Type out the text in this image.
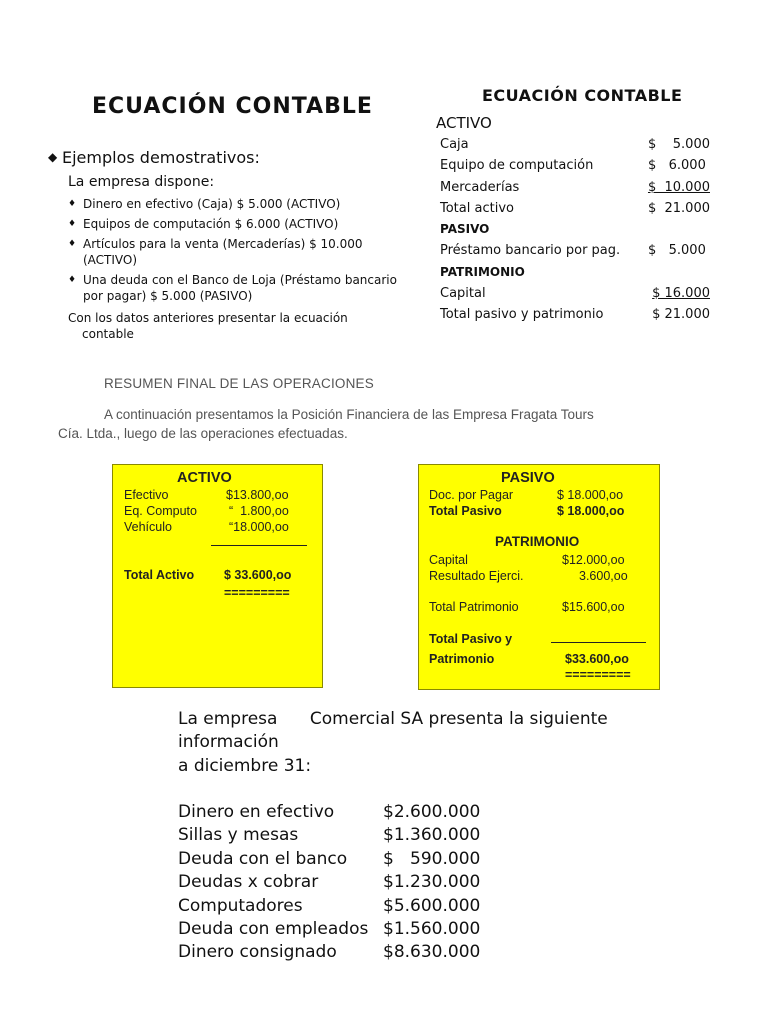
ECUACIÓN CONTABLE
◆ Ejemplos demostrativos:
La empresa dispone:
♦ Dinero en efectivo (Caja) $ 5.000 (ACTIVO)
♦ Equipos de computación $ 6.000 (ACTIVO)
♦ Artículos para la venta (Mercaderías) $ 10.000 (ACTIVO)
♦ Una deuda con el Banco de Loja (Préstamo bancario por pagar) $ 5.000 (PASIVO)
Con los datos anteriores presentar la ecuación
contable
ECUACIÓN CONTABLE
ACTIVO
Caja	$    5.000
Equipo de computación	$   6.000
Mercaderías	$  10.000
Total activo	$  21.000
PASIVO
Préstamo bancario por pag. $   5.000
PATRIMONIO
Capital	$ 16.000
Total pasivo y patrimonio	$ 21.000
RESUMEN FINAL DE LAS OPERACIONES
A continuación presentamos la Posición Financiera de las Empresa Fragata Tours
Cía. Ltda., luego de las operaciones efectuadas.
ACTIVO
Efectivo	$13.800,oo
Eq. Computo	“  1.800,oo
Vehículo	“18.000,oo
Total Activo $ 33.600,oo
=========
PASIVO
Doc. por Pagar	$ 18.000,oo
Total Pasivo	$ 18.000,oo
PATRIMONIO
Capital	$12.000,oo
Resultado Ejerci.	3.600,oo
Total Patrimonio	$15.600,oo
Total Pasivo y
Patrimonio	$33.600,oo
=========
La empresa      Comercial SA presenta la siguiente
información
a diciembre 31:
Dinero en efectivo	$2.600.000
Sillas y mesas	$1.360.000
Deuda con el banco	$   590.000
Deudas x cobrar	$1.230.000
Computadores	$5.600.000
Deuda con empleados $1.560.000
Dinero consignado	$8.630.000
